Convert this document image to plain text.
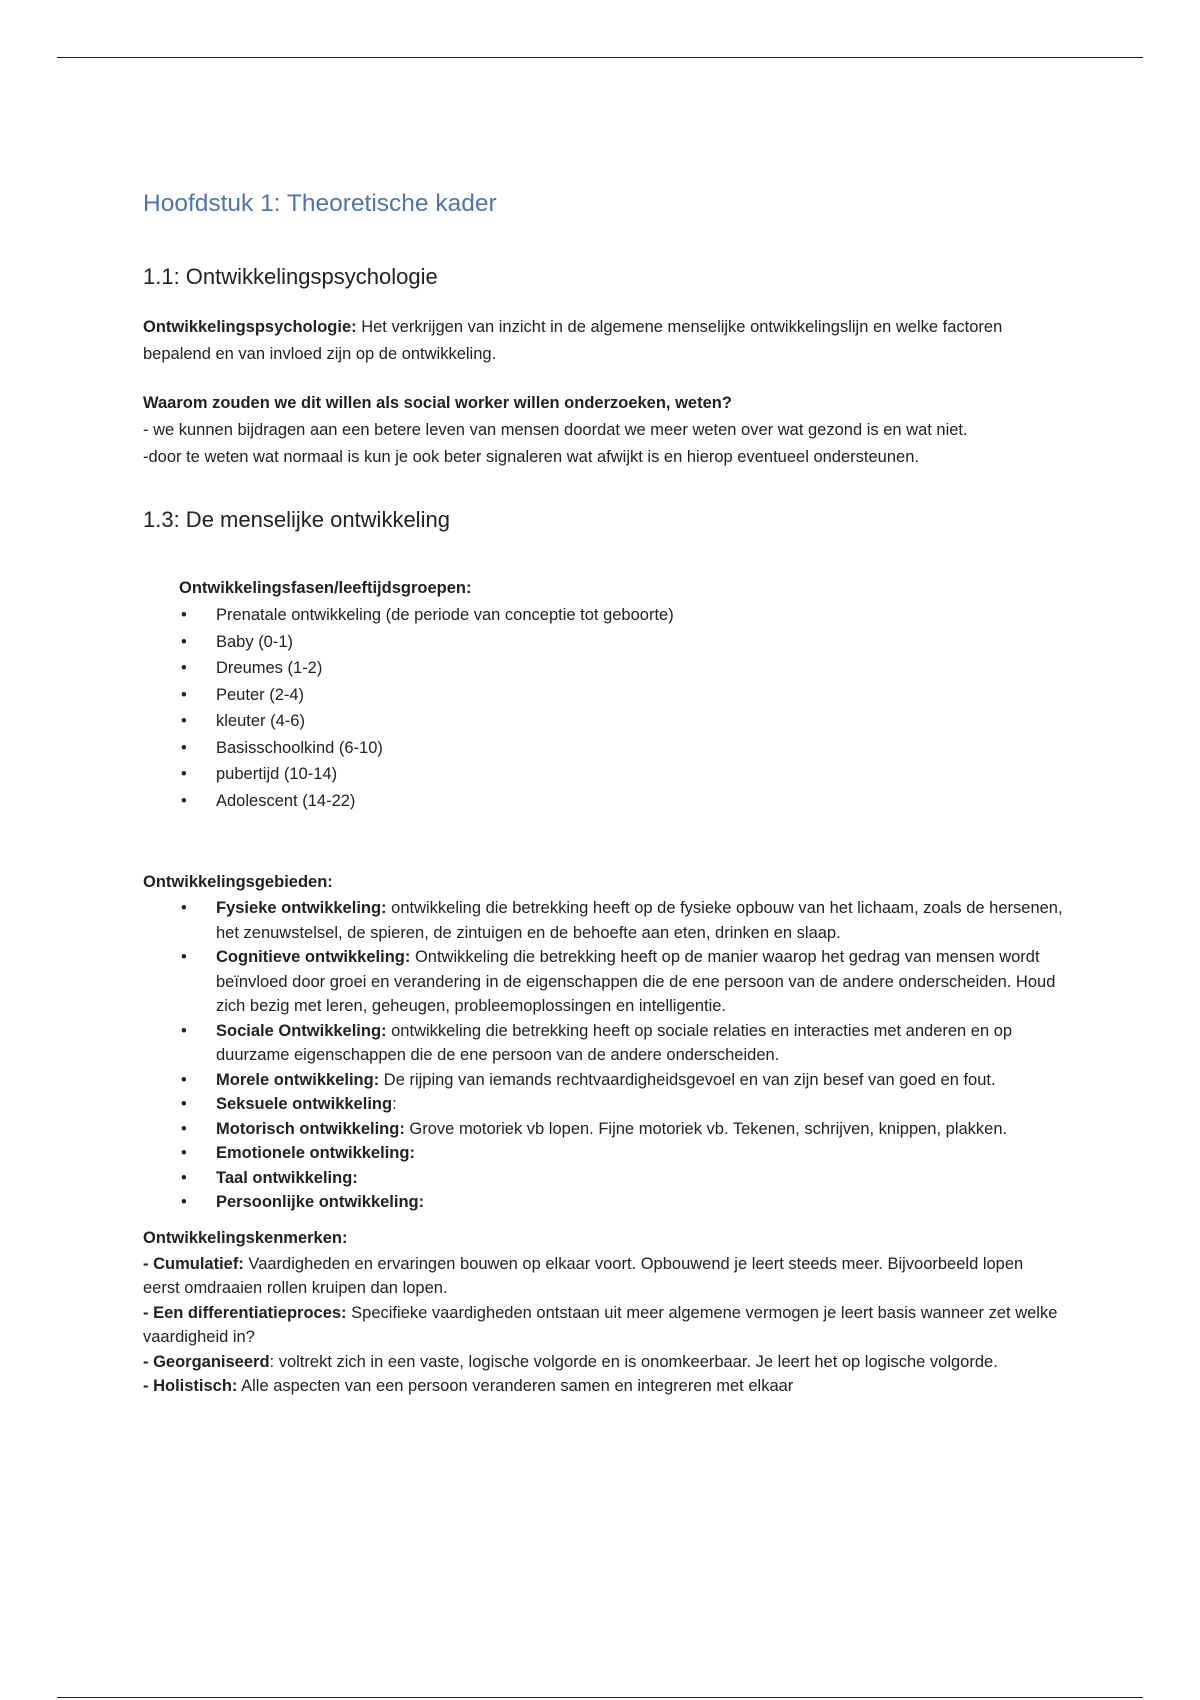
Hoofdstuk 1: Theoretische kader
1.1: Ontwikkelingspsychologie

Ontwikkelingspsychologie: Het verkrijgen van inzicht in de algemene menselijke ontwikkelingslijn en welke factoren bepalend en van invloed zijn op de ontwikkeling.

Waarom zouden we dit willen als social worker willen onderzoeken, weten?

- we kunnen bijdragen aan een betere leven van mensen doordat we meer weten over wat gezond is en wat niet.

-door te weten wat normaal is kun je ook beter signaleren wat afwijkt is en hierop eventueel ondersteunen.

1.3: De menselijke ontwikkeling
Ontwikkelingsfasen/leeftijdsgroepen:
• Prenatale ontwikkeling (de periode van conceptie tot geboorte)
• Baby (0-1)
• Dreumes (1-2)
• Peuter (2-4)
• kleuter (4-6)
• Basisschoolkind (6-10)
• pubertijd (10-14)
• Adolescent (14-22)

Ontwikkelingsgebieden:

• Fysieke ontwikkeling: ontwikkeling die betrekking heeft op de fysieke opbouw van het lichaam, zoals de hersenen, het zenuwstelsel, de spieren, de zintuigen en de behoefte aan eten, drinken en slaap.
• Cognitieve ontwikkeling: Ontwikkeling die betrekking heeft op de manier waarop het gedrag van mensen wordt beïnvloed door groei en verandering in de eigenschappen die de ene persoon van de andere onderscheiden. Houd zich bezig met leren, geheugen, probleemoplossingen en intelligentie.
• Sociale Ontwikkeling: ontwikkeling die betrekking heeft op sociale relaties en interacties met anderen en op duurzame eigenschappen die de ene persoon van de andere onderscheiden.
• Morele ontwikkeling: De rijping van iemands rechtvaardigheidsgevoel en van zijn besef van goed en fout.
• Seksuele ontwikkeling:
• Motorisch ontwikkeling: Grove motoriek vb lopen. Fijne motoriek vb. Tekenen, schrijven, knippen, plakken.
• Emotionele ontwikkeling:
• Taal ontwikkeling:
• Persoonlijke ontwikkeling:

Ontwikkelingskenmerken:

- Cumulatief: Vaardigheden en ervaringen bouwen op elkaar voort. Opbouwend je leert steeds meer. Bijvoorbeeld lopen eerst omdraaien rollen kruipen dan lopen.

- Een differentiatieproces: Specifieke vaardigheden ontstaan uit meer algemene vermogen je leert basis wanneer zet welke vaardigheid in?

- Georganiseerd: voltrekt zich in een vaste, logische volgorde en is onomkeerbaar. Je leert het op logische volgorde.

- Holistisch: Alle aspecten van een persoon veranderen samen en integreren met elkaar
